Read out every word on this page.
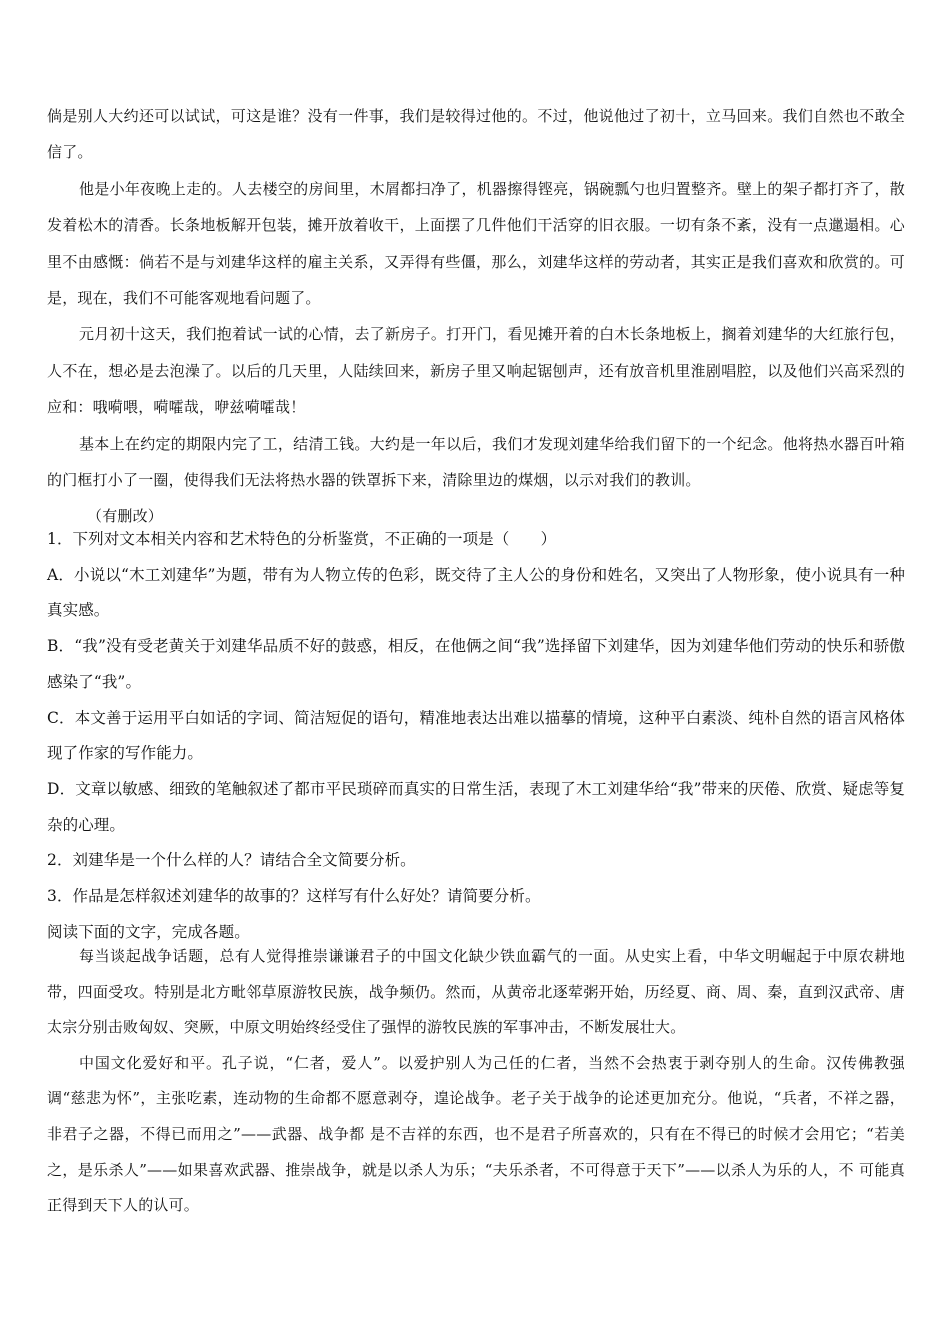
倘是别人大约还可以试试，可这是谁？没有一件事，我们是较得过他的。不过，他说他过了初十，立马回来。我们自然也不敢全信了。

他是小年夜晚上走的。人去楼空的房间里，木屑都扫净了，机器擦得铿亮，锅碗瓢勺也归置整齐。壁上的架子都打齐了，散发着松木的清香。长条地板解开包装，摊开放着收干，上面摆了几件他们干活穿的旧衣服。一切有条不紊，没有一点邋遢相。心里不由感慨：倘若不是与刘建华这样的雇主关系，又弄得有些僵，那么，刘建华这样的劳动者，其实正是我们喜欢和欣赏的。可是，现在，我们不可能客观地看问题了。

元月初十这天，我们抱着试一试的心情，去了新房子。打开门，看见摊开着的白木长条地板上，搁着刘建华的大红旅行包，人不在，想必是去泡澡了。以后的几天里，人陆续回来，新房子里又响起锯刨声，还有放音机里淮剧唱腔，以及他们兴高采烈的应和：哦嗬喂，嗬嚯哉，咿兹嗬嚯哉！

基本上在约定的期限内完了工，结清工钱。大约是一年以后，我们才发现刘建华给我们留下的一个纪念。他将热水器百叶箱的门框打小了一圈，使得我们无法将热水器的铁罩拆下来，清除里边的煤烟，以示对我们的教训。

（有删改）

1．下列对文本相关内容和艺术特色的分析鉴赏，不正确的一项是（　　）

A．小说以“木工刘建华”为题，带有为人物立传的色彩，既交待了主人公的身份和姓名，又突出了人物形象，使小说具有一种真实感。

B．“我”没有受老黄关于刘建华品质不好的鼓惑，相反，在他俩之间“我”选择留下刘建华，因为刘建华他们劳动的快乐和骄傲感染了“我”。

C．本文善于运用平白如话的字词、简洁短促的语句，精准地表达出难以描摹的情境，这种平白素淡、纯朴自然的语言风格体现了作家的写作能力。

D．文章以敏感、细致的笔触叙述了都市平民琐碎而真实的日常生活，表现了木工刘建华给“我”带来的厌倦、欣赏、疑虑等复杂的心理。

2．刘建华是一个什么样的人？请结合全文简要分析。

3．作品是怎样叙述刘建华的故事的？这样写有什么好处？请简要分析。

阅读下面的文字，完成各题。

每当谈起战争话题，总有人觉得推崇谦谦君子的中国文化缺少铁血霸气的一面。从史实上看，中华文明崛起于中原农耕地带，四面受攻。特别是北方毗邻草原游牧民族，战争频仍。然而，从黄帝北逐荤粥开始，历经夏、商、周、秦，直到汉武帝、唐太宗分别击败匈奴、突厥，中原文明始终经受住了强悍的游牧民族的军事冲击，不断发展壮大。

中国文化爱好和平。孔子说，“仁者，爱人”。以爱护别人为己任的仁者，当然不会热衷于剥夺别人的生命。汉传佛教强调“慈悲为怀”，主张吃素，连动物的生命都不愿意剥夺，遑论战争。老子关于战争的论述更加充分。他说，“兵者，不祥之器，非君子之器，不得已而用之”——武器、战争都 是不吉祥的东西，也不是君子所喜欢的，只有在不得已的时候才会用它；“若美之，是乐杀人”——如果喜欢武器、推崇战争，就是以杀人为乐；“夫乐杀者，不可得意于天下”——以杀人为乐的人，不 可能真正得到天下人的认可。
